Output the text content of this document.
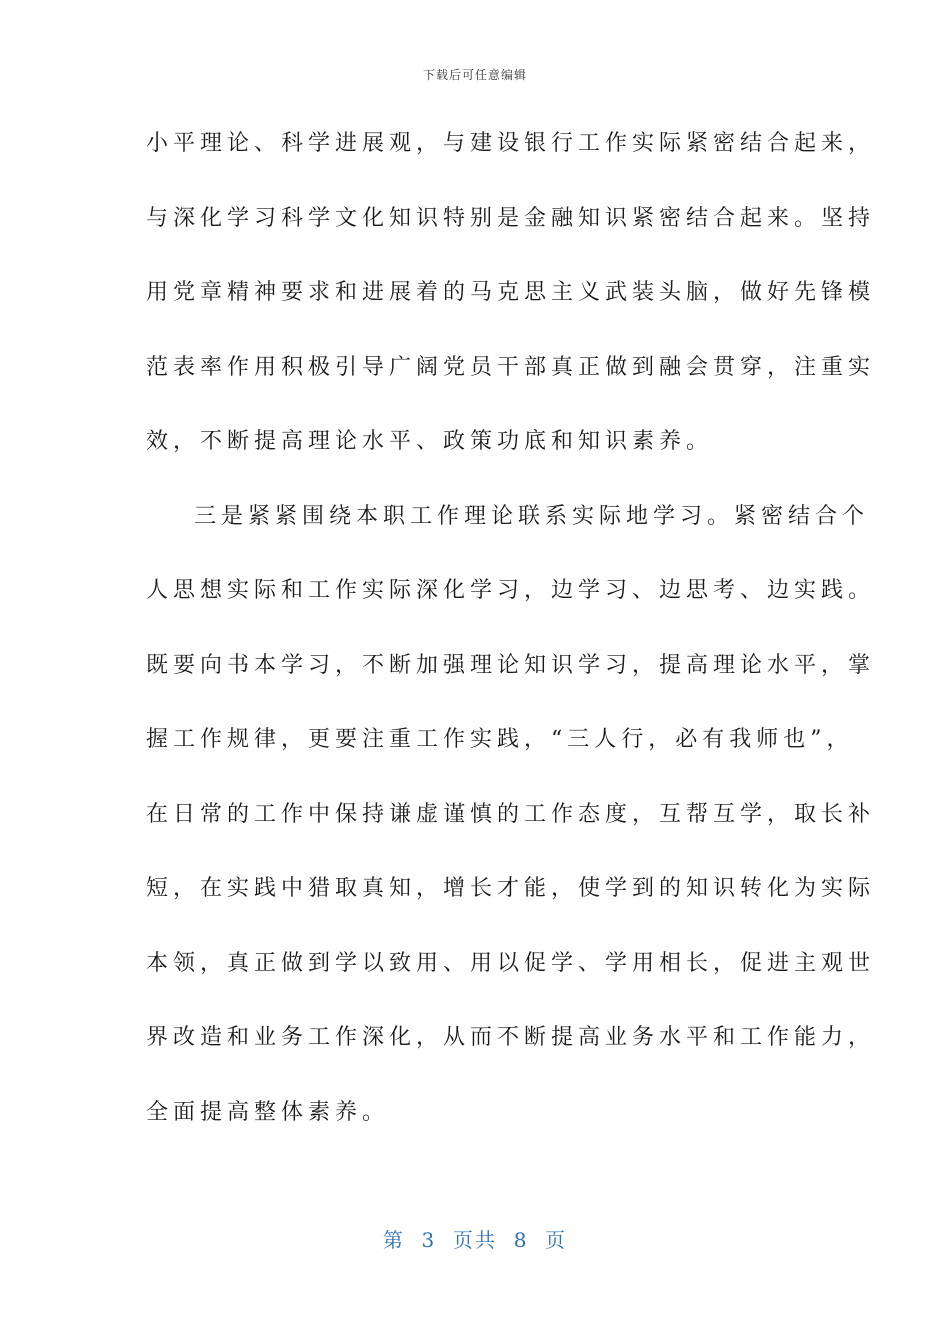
下载后可任意编辑
小平理论、科学进展观，与建设银行工作实际紧密结合起来，
与深化学习科学文化知识特别是金融知识紧密结合起来。坚持
用党章精神要求和进展着的马克思主义武装头脑，做好先锋模
范表率作用积极引导广阔党员干部真正做到融会贯穿，注重实
效，不断提高理论水平、政策功底和知识素养。
三是紧紧围绕本职工作理论联系实际地学习。紧密结合个
人思想实际和工作实际深化学习，边学习、边思考、边实践。
既要向书本学习，不断加强理论知识学习，提高理论水平，掌
握工作规律，更要注重工作实践，“三人行，必有我师也”，
在日常的工作中保持谦虚谨慎的工作态度，互帮互学，取长补
短，在实践中猎取真知，增长才能，使学到的知识转化为实际
本领，真正做到学以致用、用以促学、学用相长，促进主观世
界改造和业务工作深化，从而不断提高业务水平和工作能力，
全面提高整体素养。
第  3  页共  8  页
